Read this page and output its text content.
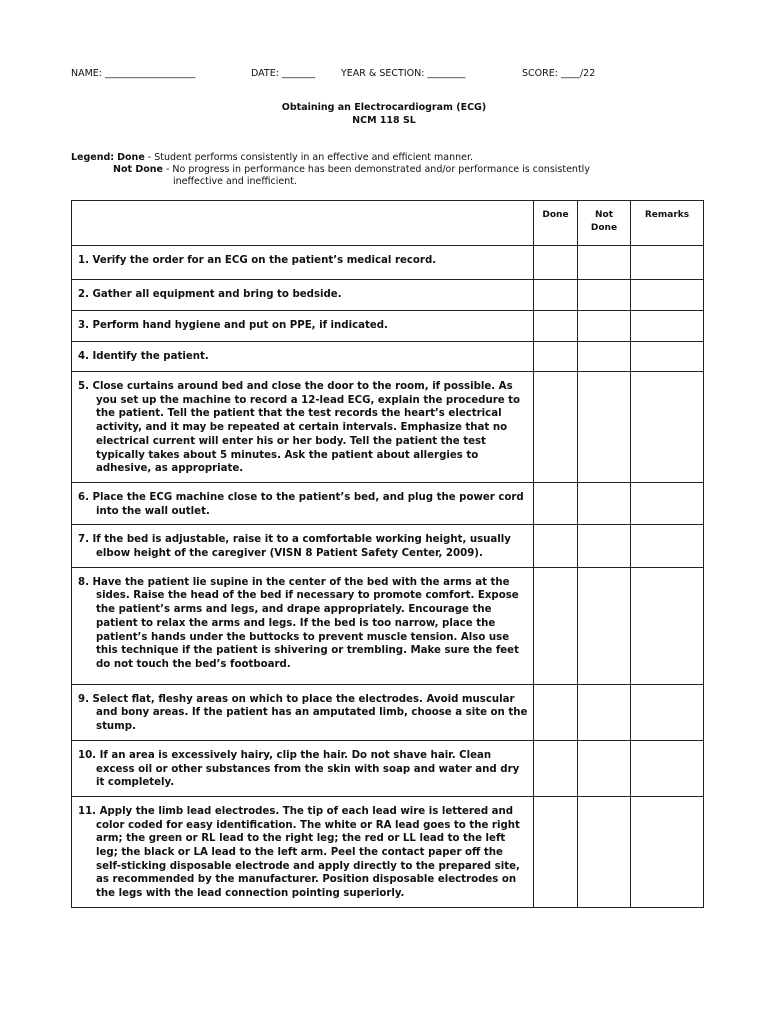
NAME: ___________________	DATE: _______	YEAR & SECTION: ________	SCORE: ____/22
Obtaining an Electrocardiogram (ECG)
NCM 118 SL
Legend: Done - Student performs consistently in an effective and efficient manner.
Not Done - No progress in performance has been demonstrated and/or performance is consistently
ineffective and inefficient.
	Done	Not Done	Remarks

1. Verify the order for an ECG on the patient’s medical record.			

2. Gather all equipment and bring to bedside.			

3. Perform hand hygiene and put on PPE, if indicated.			

4. Identify the patient.			

5. Close curtains around bed and close the door to the room, if possible. As you set up the machine to record a 12-lead ECG, explain the procedure to the patient. Tell the patient that the test records the heart’s electrical activity, and it may be repeated at certain intervals. Emphasize that no electrical current will enter his or her body. Tell the patient the test typically takes about 5 minutes. Ask the patient about allergies to adhesive, as appropriate.			

6. Place the ECG machine close to the patient’s bed, and plug the power cord into the wall outlet.			

7. If the bed is adjustable, raise it to a comfortable working height, usually elbow height of the caregiver (VISN 8 Patient Safety Center, 2009).			

8. Have the patient lie supine in the center of the bed with the arms at the sides. Raise the head of the bed if necessary to promote comfort. Expose the patient’s arms and legs, and drape appropriately. Encourage the patient to relax the arms and legs. If the bed is too narrow, place the patient’s hands under the buttocks to prevent muscle tension. Also use this technique if the patient is shivering or trembling. Make sure the feet do not touch the bed’s footboard.			

9. Select flat, fleshy areas on which to place the electrodes. Avoid muscular and bony areas. If the patient has an amputated limb, choose a site on the stump.			

10. If an area is excessively hairy, clip the hair. Do not shave hair. Clean excess oil or other substances from the skin with soap and water and dry it completely.			

11. Apply the limb lead electrodes. The tip of each lead wire is lettered and color coded for easy identification. The white or RA lead goes to the right arm; the green or RL lead to the right leg; the red or LL lead to the left leg; the black or LA lead to the left arm. Peel the contact paper off the self-sticking disposable electrode and apply directly to the prepared site, as recommended by the manufacturer. Position disposable electrodes on the legs with the lead connection pointing superiorly.			
